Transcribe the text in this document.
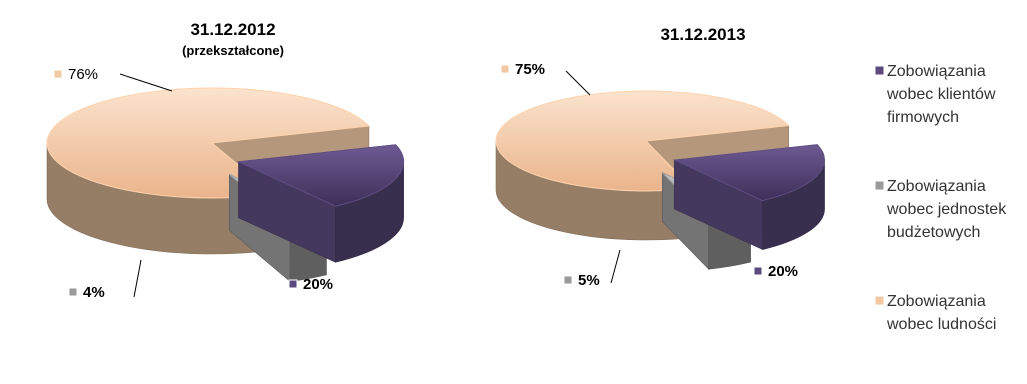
31.12.2012
(przekształcone)
31.12.2013
20%
4%
76%
20%
5%
75%	Zobowiązania
wobec klientów
firmowych
Zobowiązania
wobec jednostek
budżetowych
Zobowiązania
wobec ludności
